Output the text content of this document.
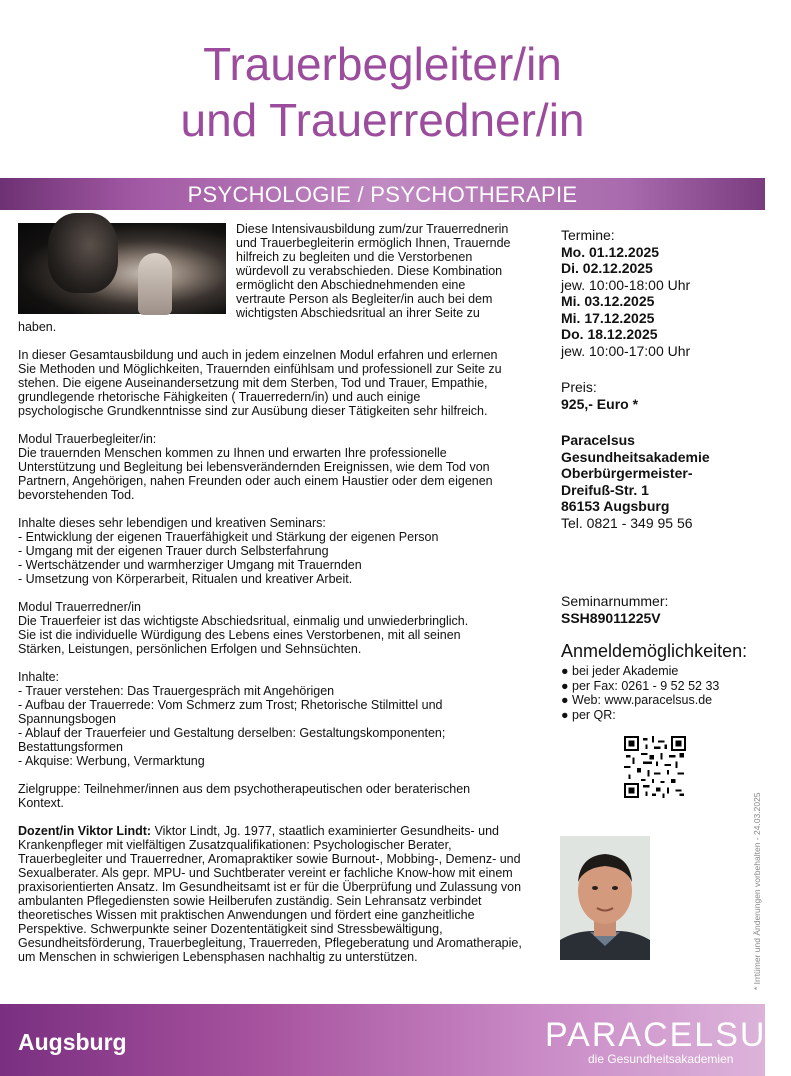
Trauerbegleiter/in
und Trauerredner/in
PSYCHOLOGIE / PSYCHOTHERAPIE
Diese Intensivausbildung zum/zur Trauerrednerin
und Trauerbegleiterin ermöglich Ihnen, Trauernde
hilfreich zu begleiten und die Verstorbenen
würdevoll zu verabschieden. Diese Kombination
ermöglicht den Abschiednehmenden eine
vertraute Person als Begleiter/in auch bei dem
wichtigsten Abschiedsritual an ihrer Seite zu
haben.

In dieser Gesamtausbildung und auch in jedem einzelnen Modul erfahren und erlernen
Sie Methoden und Möglichkeiten, Trauernden einfühlsam und professionell zur Seite zu
stehen. Die eigene Auseinandersetzung mit dem Sterben, Tod und Trauer, Empathie,
grundlegende rhetorische Fähigkeiten ( Trauerredern/in) und auch einige
psychologische Grundkenntnisse sind zur Ausübung dieser Tätigkeiten sehr hilfreich.

Modul Trauerbegleiter/in:
Die trauernden Menschen kommen zu Ihnen und erwarten Ihre professionelle
Unterstützung und Begleitung bei lebensverändernden Ereignissen, wie dem Tod von
Partnern, Angehörigen, nahen Freunden oder auch einem Haustier oder dem eigenen
bevorstehenden Tod.

Inhalte dieses sehr lebendigen und kreativen Seminars:
- Entwicklung der eigenen Trauerfähigkeit und Stärkung der eigenen Person
- Umgang mit der eigenen Trauer durch Selbsterfahrung
- Wertschätzender und warmherziger Umgang mit Trauernden
- Umsetzung von Körperarbeit, Ritualen und kreativer Arbeit.

Modul Trauerredner/in
Die Trauerfeier ist das wichtigste Abschiedsritual, einmalig und unwiederbringlich.
Sie ist die individuelle Würdigung des Lebens eines Verstorbenen, mit all seinen
Stärken, Leistungen, persönlichen Erfolgen und Sehnsüchten.

Inhalte:
- Trauer verstehen: Das Trauergespräch mit Angehörigen
- Aufbau der Trauerrede: Vom Schmerz zum Trost; Rhetorische Stilmittel und
Spannungsbogen
- Ablauf der Trauerfeier und Gestaltung derselben: Gestaltungskomponenten;
Bestattungsformen
- Akquise: Werbung, Vermarktung

Zielgruppe: Teilnehmer/innen aus dem psychotherapeutischen oder beraterischen
Kontext.

Dozent/in Viktor Lindt: Viktor Lindt, Jg. 1977, staatlich examinierter Gesundheits- und
Krankenpfleger mit vielfältigen Zusatzqualifikationen: Psychologischer Berater,
Trauerbegleiter und Trauerredner, Aromapraktiker sowie Burnout-, Mobbing-, Demenz- und
Sexualberater. Als gepr. MPU- und Suchtberater vereint er fachliche Know-how mit einem
praxisorientierten Ansatz. Im Gesundheitsamt ist er für die Überprüfung und Zulassung von
ambulanten Pflegediensten sowie Heilberufen zuständig. Sein Lehransatz verbindet
theoretisches Wissen mit praktischen Anwendungen und fördert eine ganzheitliche
Perspektive. Schwerpunkte seiner Dozententätigkeit sind Stressbewältigung,
Gesundheitsförderung, Trauerbegleitung, Trauerreden, Pflegeberatung und Aromatherapie,
um Menschen in schwierigen Lebensphasen nachhaltig zu unterstützen.

Termine:
Mo. 01.12.2025
Di. 02.12.2025
jew. 10:00-18:00 Uhr
Mi. 03.12.2025
Mi. 17.12.2025
Do. 18.12.2025
jew. 10:00-17:00 Uhr
Preis:
925,- Euro *
Paracelsus
Gesundheitsakademie
Oberbürgermeister-
Dreifuß-Str. 1
86153 Augsburg
Tel. 0821 - 349 95 56
Seminarnummer:
SSH89011225V
Anmeldemöglichkeiten:
● bei jeder Akademie
● per Fax: 0261 - 9 52 52 33
● Web: www.paracelsus.de
● per QR:
* Irrtümer und Änderungen vorbehalten - 24.03.2025
Augsburg	PARACELSUS
die Gesundheitsakademien
